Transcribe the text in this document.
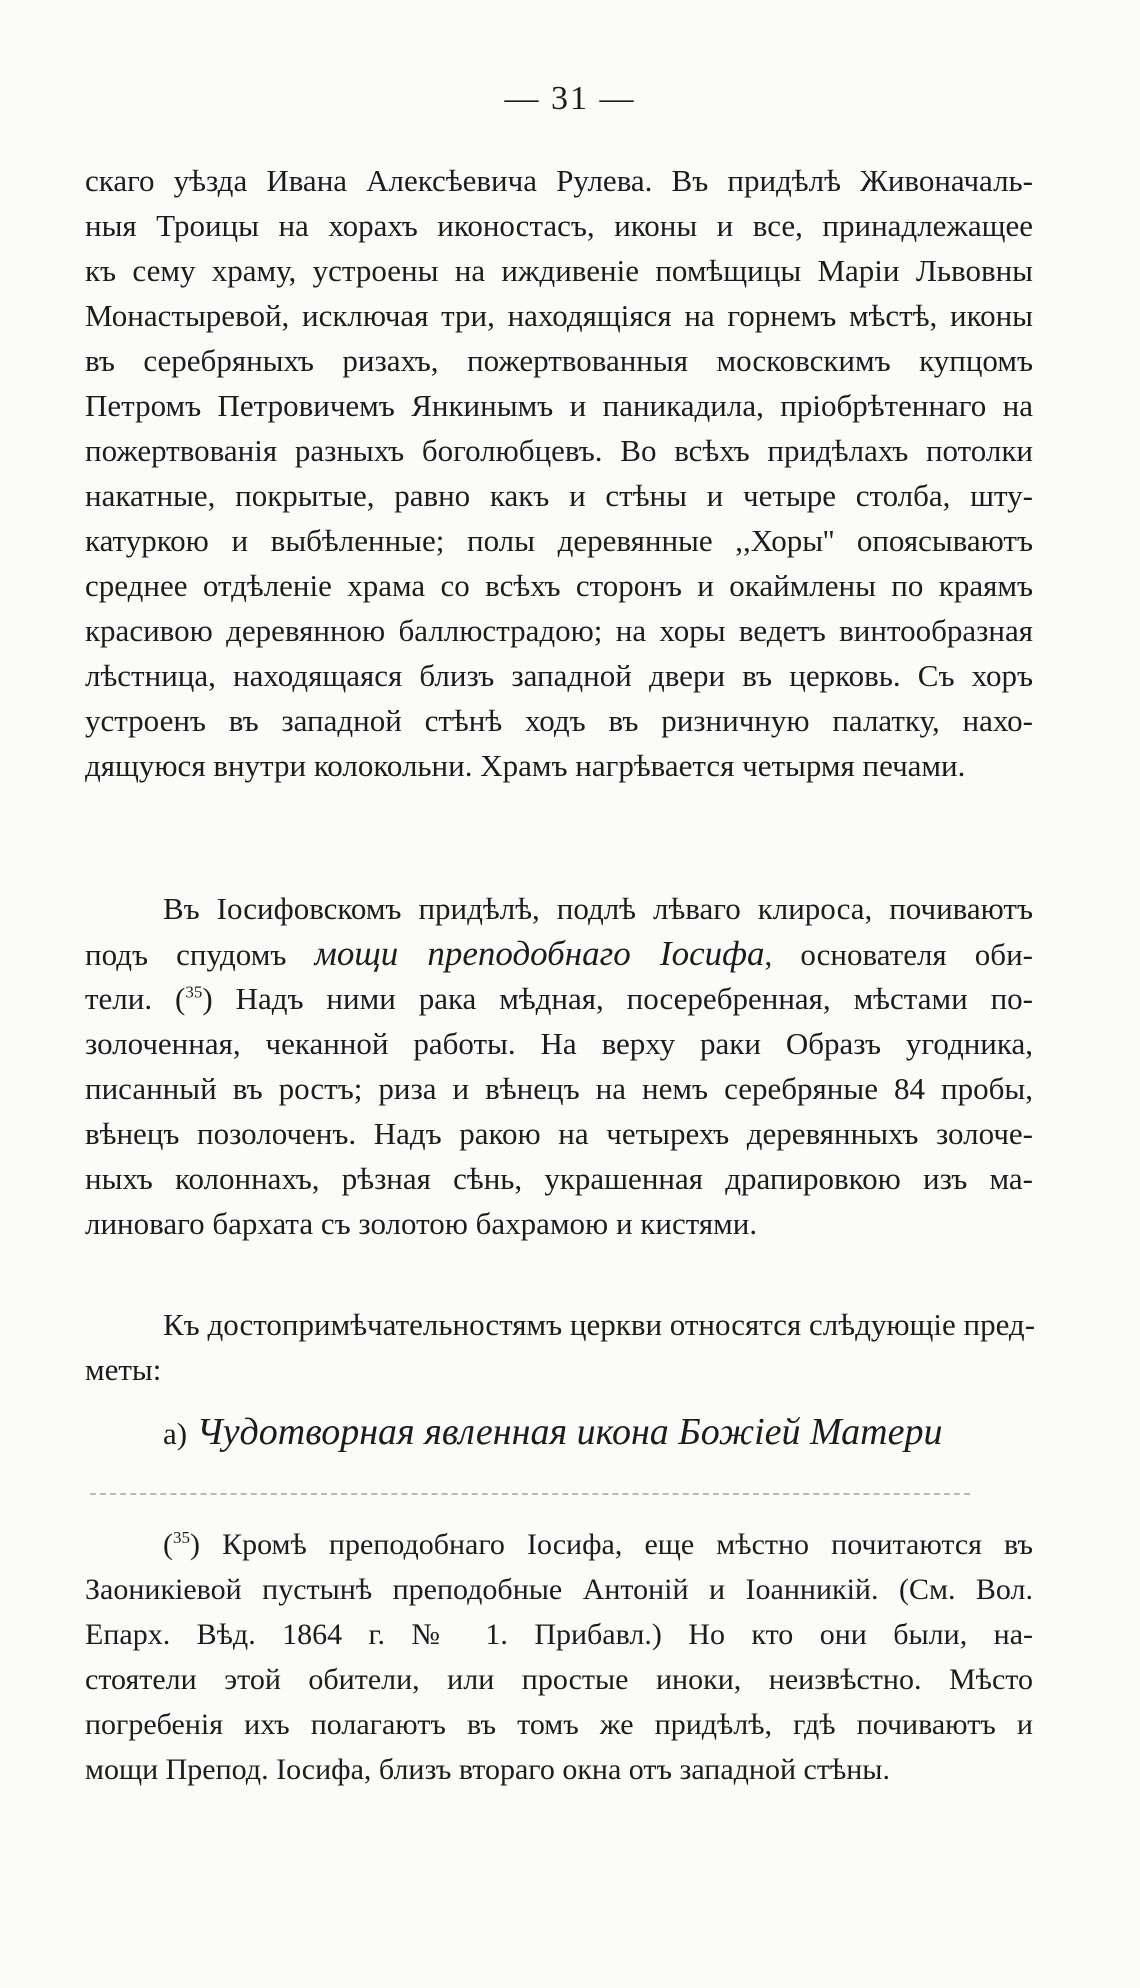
— 31 —
скаго уѣзда Ивана Алексѣевича Рулева. Въ придѣлѣ Живоначаль-
ныя Троицы на хорахъ иконостасъ, иконы и все, принадлежащее
къ сему храму, устроены на иждивеніе помѣщицы Маріи Львовны
Монастыревой, исключая три, находящіяся на горнемъ мѣстѣ, иконы
въ серебряныхъ ризахъ, пожертвованныя московскимъ купцомъ
Петромъ Петровичемъ Янкинымъ и паникадила, пріобрѣтеннаго на
пожертвованія разныхъ боголюбцевъ. Во всѣхъ придѣлахъ потолки
накатные, покрытые, равно какъ и стѣны и четыре столба, шту-
катуркою и выбѣленные; полы деревянные ,,Хоры'' опоясываютъ
среднее отдѣленіе храма со всѣхъ сторонъ и окаймлены по краямъ
красивою деревянною баллюстрадою; на хоры ведетъ винтообразная
лѣстница, находящаяся близъ западной двери въ церковь. Съ хоръ
устроенъ въ западной стѣнѣ ходъ въ ризничную палатку, нахо-
дящуюся внутри колокольни. Храмъ нагрѣвается четырмя печами.
Въ Іосифовскомъ придѣлѣ, подлѣ лѣваго клироса, почиваютъ
подъ спудомъ мощи преподобнаго Іосифа, основателя оби-
тели. ($^{35}$) Надъ ними рака мѣдная, посеребренная, мѣстами по-
золоченная, чеканной работы. На верху раки Образъ угодника,
писанный въ ростъ; риза и вѣнецъ на немъ серебряные 84 пробы,
вѣнецъ позолоченъ. Надъ ракою на четырехъ деревянныхъ золоче-
ныхъ колоннахъ, рѣзная сѣнь, украшенная драпировкою изъ ма-
линоваго бархата съ золотою бахрамою и кистями.
Къ достопримѣчательностямъ церкви относятся слѣдующіе пред-
меты:
а) Чудотворная явленная икона Божіей Матери
($^{35}$) Кромѣ преподобнаго Іосифа, еще мѣстно почитаются въ
Заоникіевой пустынѣ преподобные Антоній и Іоанникій. (См. Вол.
Епарх. Вѣд. 1864 г. № 1. Прибавл.) Но кто они были, на-
стоятели этой обители, или простые иноки, неизвѣстно. Мѣсто
погребенія ихъ полагаютъ въ томъ же придѣлѣ, гдѣ почиваютъ и
мощи Препод. Іосифа, близъ втораго окна отъ западной стѣны.
